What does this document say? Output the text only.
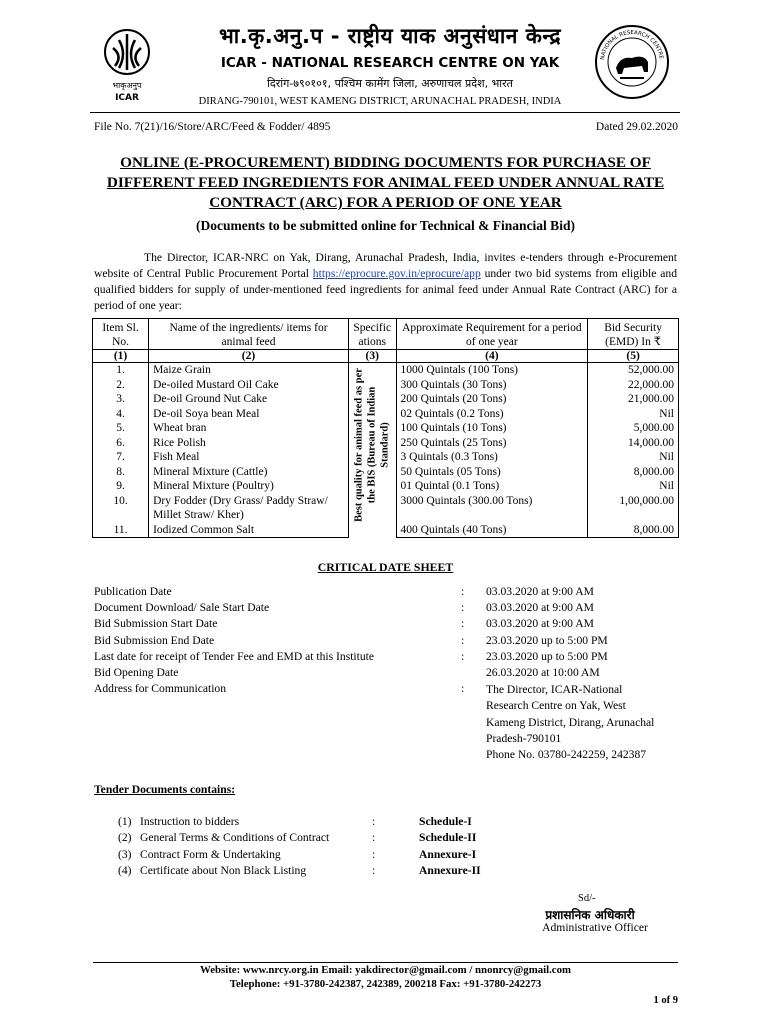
भाकृअनुप
ICAR
भा.कृ.अनु.प - राष्ट्रीय याक अनुसंधान केन्द्र
ICAR - NATIONAL RESEARCH CENTRE ON YAK
दिरांग-७९०१०१, पश्चिम कामेंग जिला, अरुणाचल प्रदेश, भारत
DIRANG-790101, WEST KAMENG DISTRICT, ARUNACHAL PRADESH, INDIA
NATIONAL RESEARCH CENTRE
File No. 7(21)/16/Store/ARC/Feed & Fodder/ 4895	Dated 29.02.2020
ONLINE (E-PROCUREMENT) BIDDING DOCUMENTS FOR PURCHASE OF DIFFERENT FEED INGREDIENTS FOR ANIMAL FEED UNDER ANNUAL RATE CONTRACT (ARC) FOR A PERIOD OF ONE YEAR
(Documents to be submitted online for Technical & Financial Bid)
The Director, ICAR-NRC on Yak, Dirang, Arunachal Pradesh, India, invites e-tenders through e-Procurement website of Central Public Procurement Portal https://eprocure.gov.in/eprocure/app under two bid systems from eligible and qualified bidders for supply of under-mentioned feed ingredients for animal feed under Annual Rate Contract (ARC) for a period of one year:
Item Sl. No.	Name of the ingredients/ items for animal feed	Specific ations	Approximate Requirement for a period of one year	Bid Security (EMD) In ₹
(1)	(2)	(3)	(4)	(5)
1.	Maize Grain	Best quality for animal feed as per the BIS (Bureau of Indian Standard)	1000 Quintals (100 Tons)	52,000.00
2.	De-oiled Mustard Oil Cake		300 Quintals (30 Tons)	22,000.00
3.	De-oil Ground Nut Cake		200 Quintals (20 Tons)	21,000.00
4.	De-oil Soya bean Meal		02 Quintals (0.2 Tons)	Nil
5.	Wheat bran		100 Quintals (10 Tons)	5,000.00
6.	Rice Polish		250 Quintals (25 Tons)	14,000.00
7.	Fish Meal		3 Quintals (0.3 Tons)	Nil
8.	Mineral Mixture (Cattle)		50 Quintals (05 Tons)	8,000.00
9.	Mineral Mixture (Poultry)		01 Quintal (0.1 Tons)	Nil
10.	Dry Fodder (Dry Grass/ Paddy Straw/ Millet Straw/ Kher)		3000 Quintals (300.00 Tons)	1,00,000.00
11.	Iodized Common Salt		400 Quintals (40 Tons)	8,000.00
CRITICAL DATE SHEET
Publication Date	: 03.03.2020 at 9:00 AM
Document Download/ Sale Start Date	: 03.03.2020 at 9:00 AM
Bid Submission Start Date	: 03.03.2020 at 9:00 AM
Bid Submission End Date	: 23.03.2020 up to 5:00 PM
Last date for receipt of Tender Fee and EMD at this Institute	: 23.03.2020 up to 5:00 PM
Bid Opening Date	26.03.2020 at 10:00 AM
Address for Communication	: The Director, ICAR-National
Research Centre on Yak, West
Kameng District, Dirang, Arunachal
Pradesh-790101
Phone No. 03780-242259, 242387
Tender Documents contains:
(1) Instruction to bidders	:	Schedule-I
(2) General Terms & Conditions of Contract	:	Schedule-II
(3) Contract Form & Undertaking	:	Annexure-I
(4) Certificate about Non Black Listing	:	Annexure-II
Sd/-
प्रशासनिक अधिकारी
Administrative Officer
Website: www.nrcy.org.in Email: yakdirector@gmail.com / nnonrcy@gmail.com
Telephone: +91-3780-242387, 242389, 200218 Fax: +91-3780-242273
1 of 9
